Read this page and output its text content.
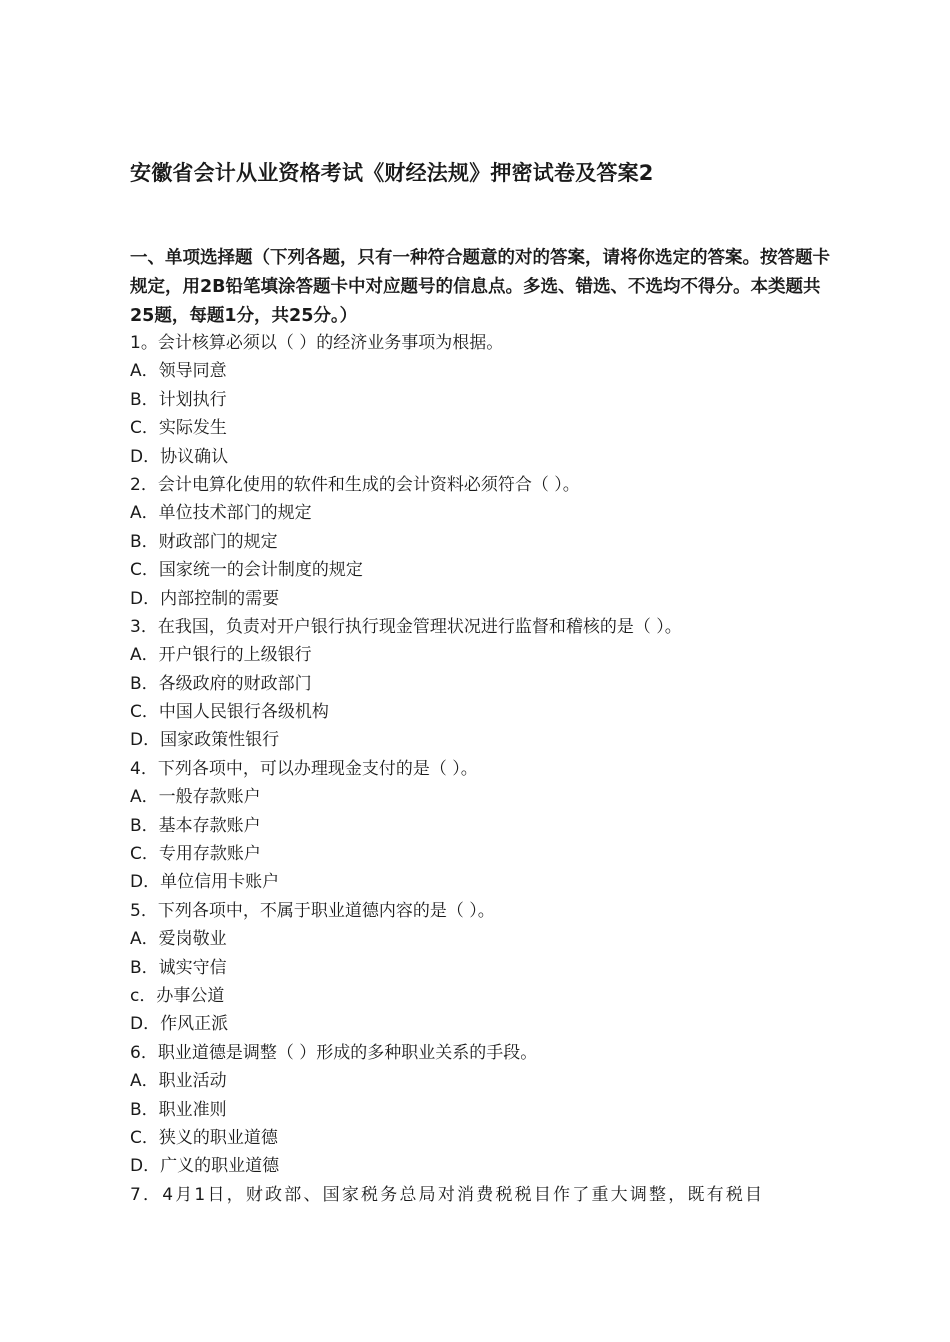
安徽省会计从业资格考试《财经法规》押密试卷及答案2

一、单项选择题（下列各题，只有一种符合题意的对的答案，请将你选定的答案。按答题卡规定，用2B铅笔填涂答题卡中对应题号的信息点。多选、错选、不选均不得分。本类题共25题，每题1分，共25分。）

1。会计核算必须以（ ）的经济业务事项为根据。
A．领导同意
B．计划执行
C．实际发生
D．协议确认
2．会计电算化使用的软件和生成的会计资料必须符合（ ）。
A．单位技术部门的规定
B．财政部门的规定
C．国家统一的会计制度的规定
D．内部控制的需要
3．在我国，负责对开户银行执行现金管理状况进行监督和稽核的是（ ）。
A．开户银行的上级银行
B．各级政府的财政部门
C．中国人民银行各级机构
D．国家政策性银行
4．下列各项中，可以办理现金支付的是（ ）。
A．一般存款账户
B．基本存款账户
C．专用存款账户
D．单位信用卡账户
5．下列各项中，不属于职业道德内容的是（ ）。
A．爱岗敬业
B．诚实守信
c．办事公道
D．作风正派
6．职业道德是调整（ ）形成的多种职业关系的手段。
A．职业活动
B．职业准则
C．狭义的职业道德
D．广义的职业道德
7．4月1日，财政部、国家税务总局对消费税税目作了重大调整，既有税目
